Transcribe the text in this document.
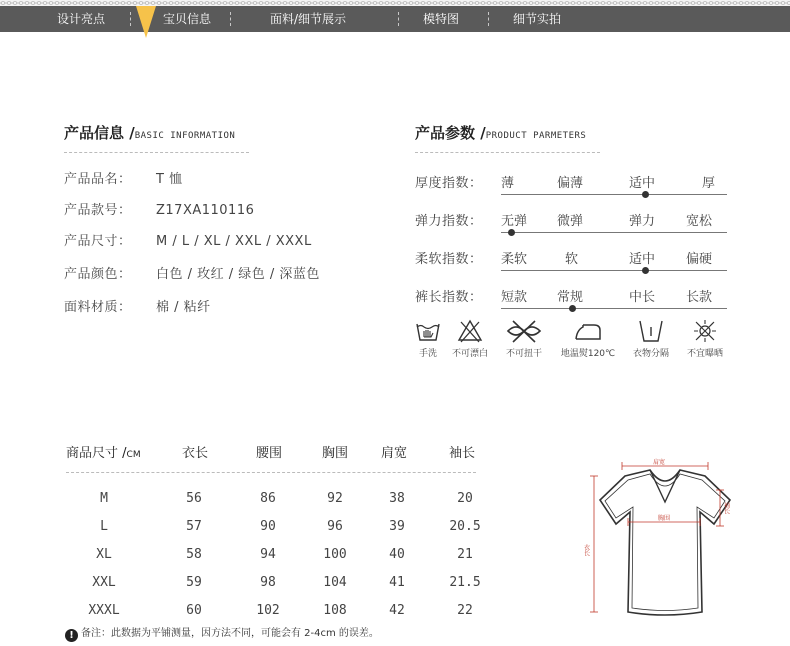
设计亮点	宝贝信息	面料/细节展示	模特图	细节实拍
产品信息 /BASIC INFORMATION
产品品名： T 恤
产品款号： Z17XA110116
产品尺寸： M / L / XL / XXL / XXXL
产品颜色： 白色 / 玫红 / 绿色 / 深蓝色
面料材质： 棉 / 粘纤
产品参数 /PRODUCT PARMETERS
厚度指数： 薄	偏薄	适中	厚
弹力指数： 无弹 微弹	弹力 宽松
柔软指数： 柔软	软	适中 偏硬
裤长指数： 短款 常规	中长 长款
手洗	不可漂白	不可扭干	地温熨120℃	衣物分隔	不宜曝晒
商品尺寸 /CM	衣长	腰围	胸围	肩宽	袖长
M	56	86	92	38	20
L	57	90	96	39	20.5
XL	58	94	100	40	21
XXL	59	98	104	41	21.5
XXXL	60	102	108	42	22
! 备注：此数据为平铺测量，因方法不同，可能会有 2-4cm 的误差。
肩宽
袖长
胸围
衣长
